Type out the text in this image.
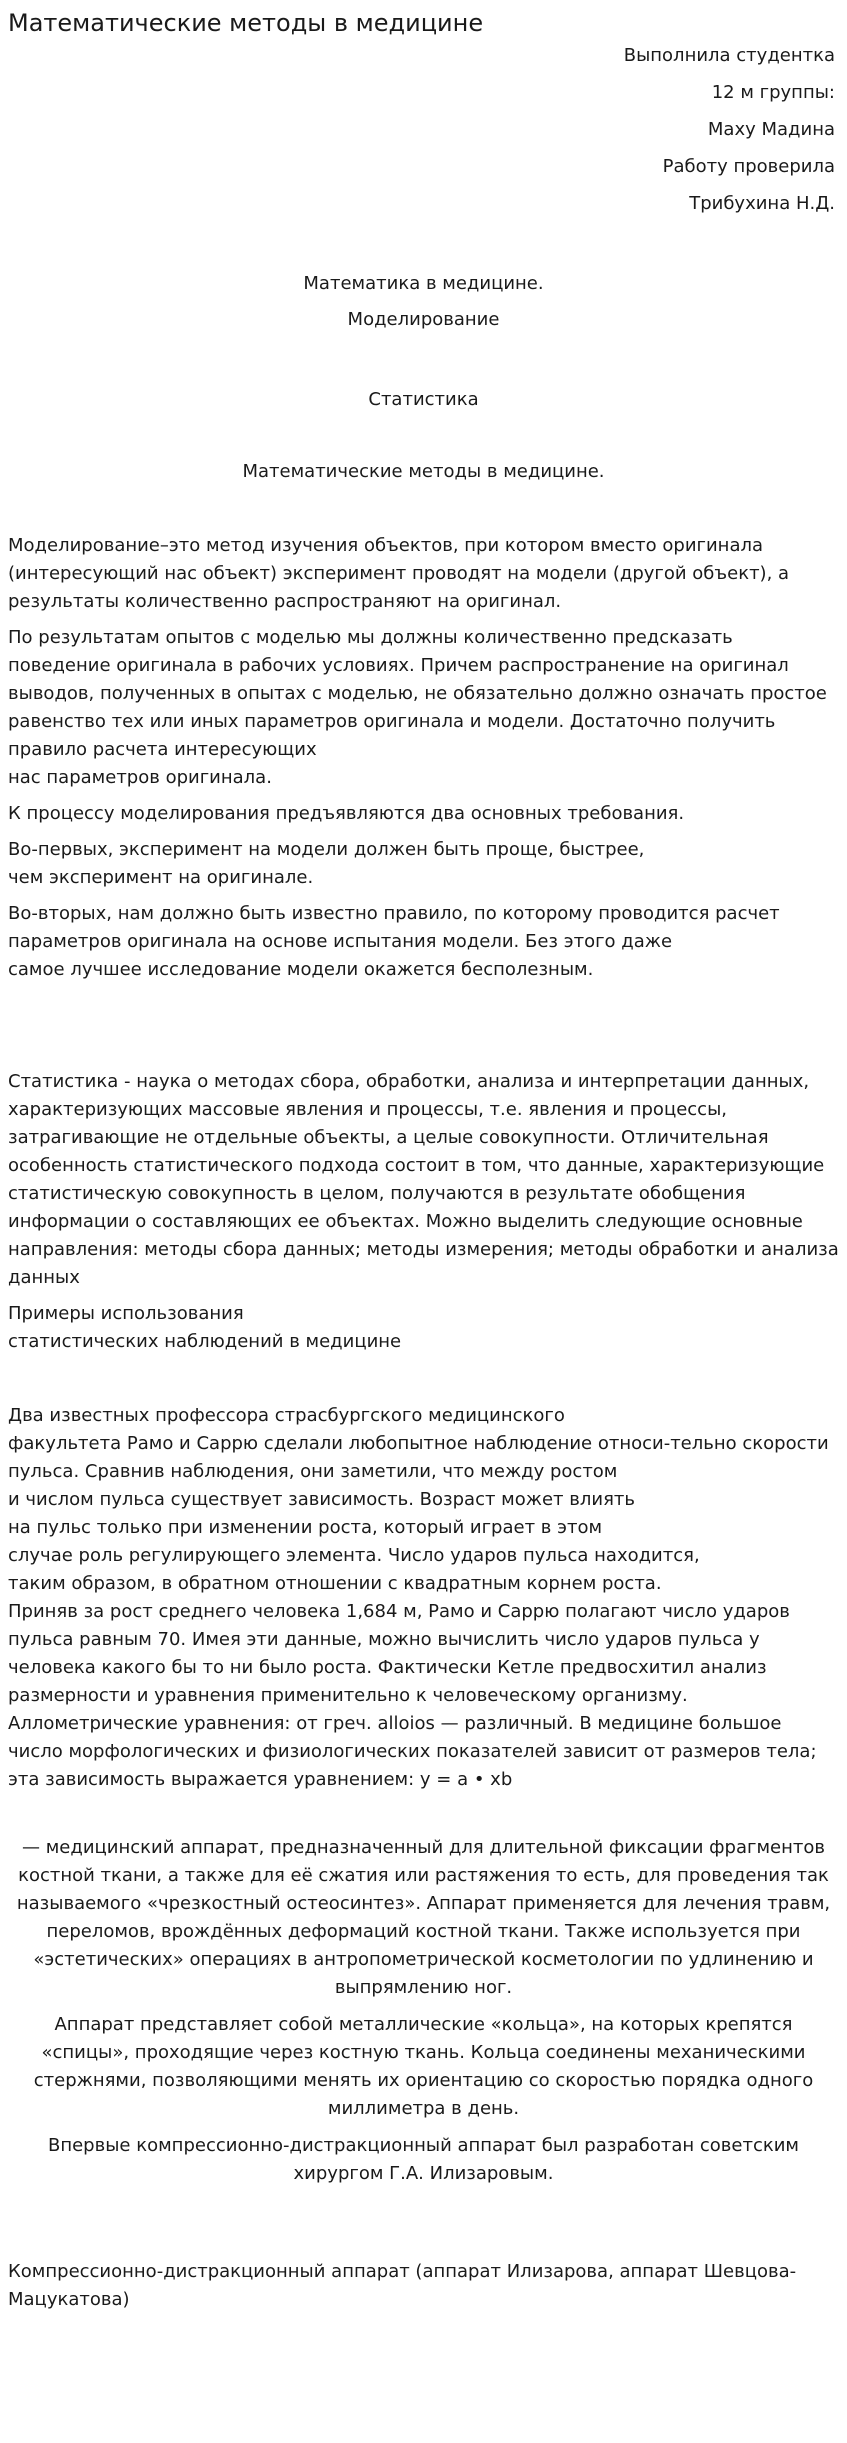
Математические методы в медицине

Выполнила студентка

12 м группы:

Маху Мадина

Работу проверила

Трибухина Н.Д.

Математика в медицине.

Моделирование

Статистика

Математические методы в медицине.

Моделирование–это метод изучения объектов, при котором вместо оригинала (интересующий нас объект) эксперимент проводят на модели (другой объект), а результаты количественно распространяют на оригинал.

По результатам опытов с моделью мы должны количественно предсказать поведение оригинала в рабочих условиях. Причем распространение на оригинал выводов, полученных в опытах с моделью, не обязательно должно означать простое равенство тех или иных параметров оригинала и модели. Достаточно получить правило расчета интересующих
нас параметров оригинала.

К процессу моделирования предъявляются два основных требования.

Во-первых, эксперимент на модели должен быть проще, быстрее,
чем эксперимент на оригинале.

Во-вторых, нам должно быть известно правило, по которому проводится расчет параметров оригинала на основе испытания модели. Без этого даже
самое лучшее исследование модели окажется бесполезным.

Статистика - наука о методах сбора, обработки, анализа и интерпретации данных, характеризующих массовые явления и процессы, т.е. явления и процессы, затрагивающие не отдельные объекты, а целые совокупности. Отличительная особенность статистического подхода состоит в том, что данные, характеризующие статистическую совокупность в целом, получаются в результате обобщения информации о составляющих ее объектах. Можно выделить следующие основные направления: методы сбора данных; методы измерения; методы обработки и анализа данных

Примеры использования
статистических наблюдений в медицине

Два известных профессора страсбургского медицинского
факультета Рамо и Саррю сделали любопытное наблюдение относи-тельно скорости пульса. Сравнив наблюдения, они заметили, что между ростом
и числом пульса существует зависимость. Возраст может влиять
на пульс только при изменении роста, который играет в этом
случае роль регулирующего элемента. Число ударов пульса находится,
таким образом, в обратном отношении с квадратным корнем роста.
Приняв за рост среднего человека 1,684 м, Рамо и Саррю полагают число ударов пульса равным 70. Имея эти данные, можно вычислить число ударов пульса у человека какого бы то ни было роста. Фактически Кетле предвосхитил анализ размерности и уравнения применительно к человеческому организму.
Аллометрические уравнения: от греч. alloios — различный. В медицине большое число морфологических и физиологических показателей зависит от размеров тела; эта зависимость выражается уравнением: y = a • xb

— медицинский аппарат, предназначенный для длительной фиксации фрагментов костной ткани, а также для её сжатия или растяжения то есть, для проведения так называемого «чрезкостный остеосинтез». Аппарат применяется для лечения травм, переломов, врождённых деформаций костной ткани. Также используется при «эстетических» операциях в антропометрической косметологии по удлинению и выпрямлению ног.

Аппарат представляет собой металлические «кольца», на которых крепятся «спицы», проходящие через костную ткань. Кольца соединены механическими стержнями, позволяющими менять их ориентацию со скоростью порядка одного миллиметра в день.

Впервые компрессионно-дистракционный аппарат был разработан советским хирургом Г.А. Илизаровым.

Компрессионно-дистракционный аппарат (аппарат Илизарова, аппарат Шевцова-Мацукатова)
